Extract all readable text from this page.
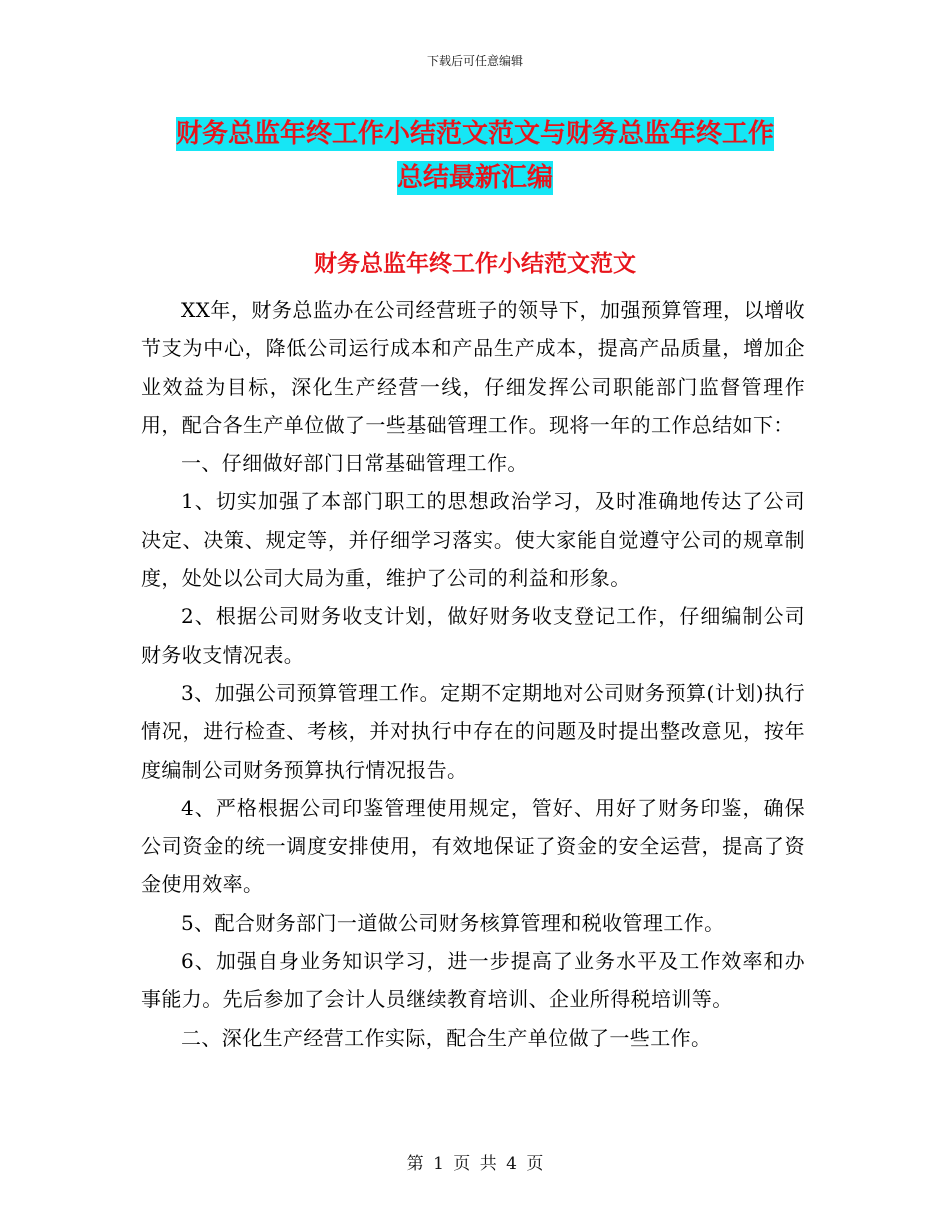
下载后可任意编辑
财务总监年终工作小结范文范文与财务总监年终工作
总结最新汇编
财务总监年终工作小结范文范文

XX年，财务总监办在公司经营班子的领导下，加强预算管理，以增收节支为中心，降低公司运行成本和产品生产成本，提高产品质量，增加企业效益为目标，深化生产经营一线，仔细发挥公司职能部门监督管理作用，配合各生产单位做了一些基础管理工作。现将一年的工作总结如下：

一、仔细做好部门日常基础管理工作。

1、切实加强了本部门职工的思想政治学习，及时准确地传达了公司决定、决策、规定等，并仔细学习落实。使大家能自觉遵守公司的规章制度，处处以公司大局为重，维护了公司的利益和形象。

2、根据公司财务收支计划，做好财务收支登记工作，仔细编制公司财务收支情况表。

3、加强公司预算管理工作。定期不定期地对公司财务预算(计划)执行情况，进行检查、考核，并对执行中存在的问题及时提出整改意见，按年度编制公司财务预算执行情况报告。

4、严格根据公司印鉴管理使用规定，管好、用好了财务印鉴，确保公司资金的统一调度安排使用，有效地保证了资金的安全运营，提高了资金使用效率。

5、配合财务部门一道做公司财务核算管理和税收管理工作。

6、加强自身业务知识学习，进一步提高了业务水平及工作效率和办事能力。先后参加了会计人员继续教育培训、企业所得税培训等。

二、深化生产经营工作实际，配合生产单位做了一些工作。

第 1 页 共 4 页
